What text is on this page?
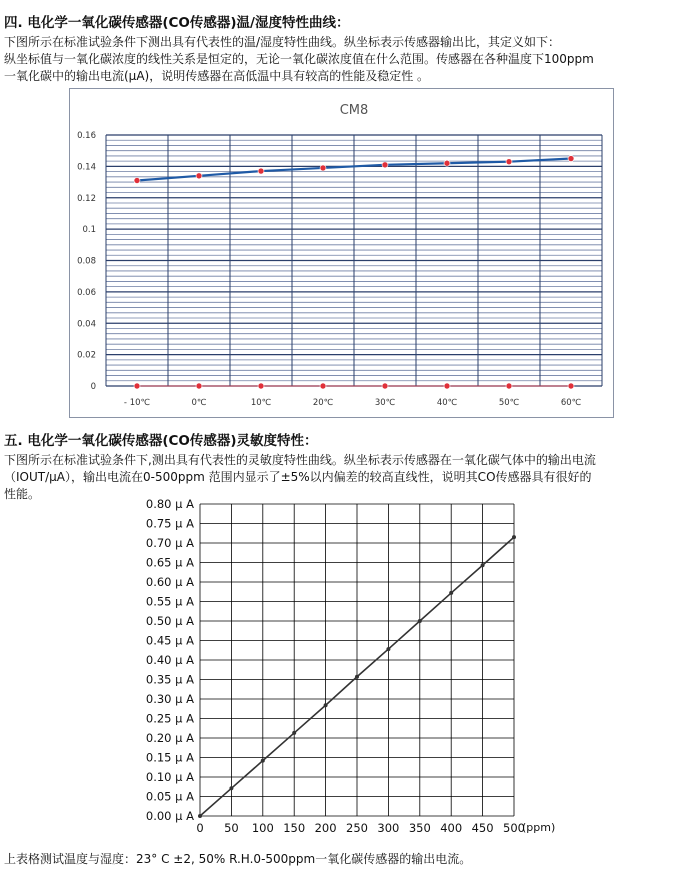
四. 电化学一氧化碳传感器(CO传感器)温/湿度特性曲线：
下图所示在标准试验条件下测出具有代表性的温/湿度特性曲线。纵坐标表示传感器输出比，其定义如下：
纵坐标值与一氧化碳浓度的线性关系是恒定的，无论一氧化碳浓度值在什么范围。传感器在各种温度下100ppm
一氧化碳中的输出电流(μA)，说明传感器在高低温中具有较高的性能及稳定性 。
CM8
0
0.02
0.04
0.06
0.08
0.1
0.12
0.14
0.16
- 10℃	0℃	10℃	20℃	30℃	40℃	50℃	60℃
五. 电化学一氧化碳传感器(CO传感器)灵敏度特性：
下图所示在标准试验条件下,测出具有代表性的灵敏度特性曲线。纵坐标表示传感器在一氧化碳气体中的输出电流
（IOUT/μA），输出电流在0-500ppm 范围内显示了±5%以内偏差的较高直线性，说明其CO传感器具有很好的
性能。
0.00 μ A
0.05 μ A
0.10 μ A
0.15 μ A
0.20 μ A
0.25 μ A
0.30 μ A
0.35 μ A
0.40 μ A
0.45 μ A
0.50 μ A
0.55 μ A
0.60 μ A
0.65 μ A
0.70 μ A
0.75 μ A
0.80 μ A
0 50 100 150 200 250 300 350 400 450 500
(ppm)
上表格测试温度与湿度：23° C ±2, 50% R.H.0-500ppm一氧化碳传感器的输出电流。
